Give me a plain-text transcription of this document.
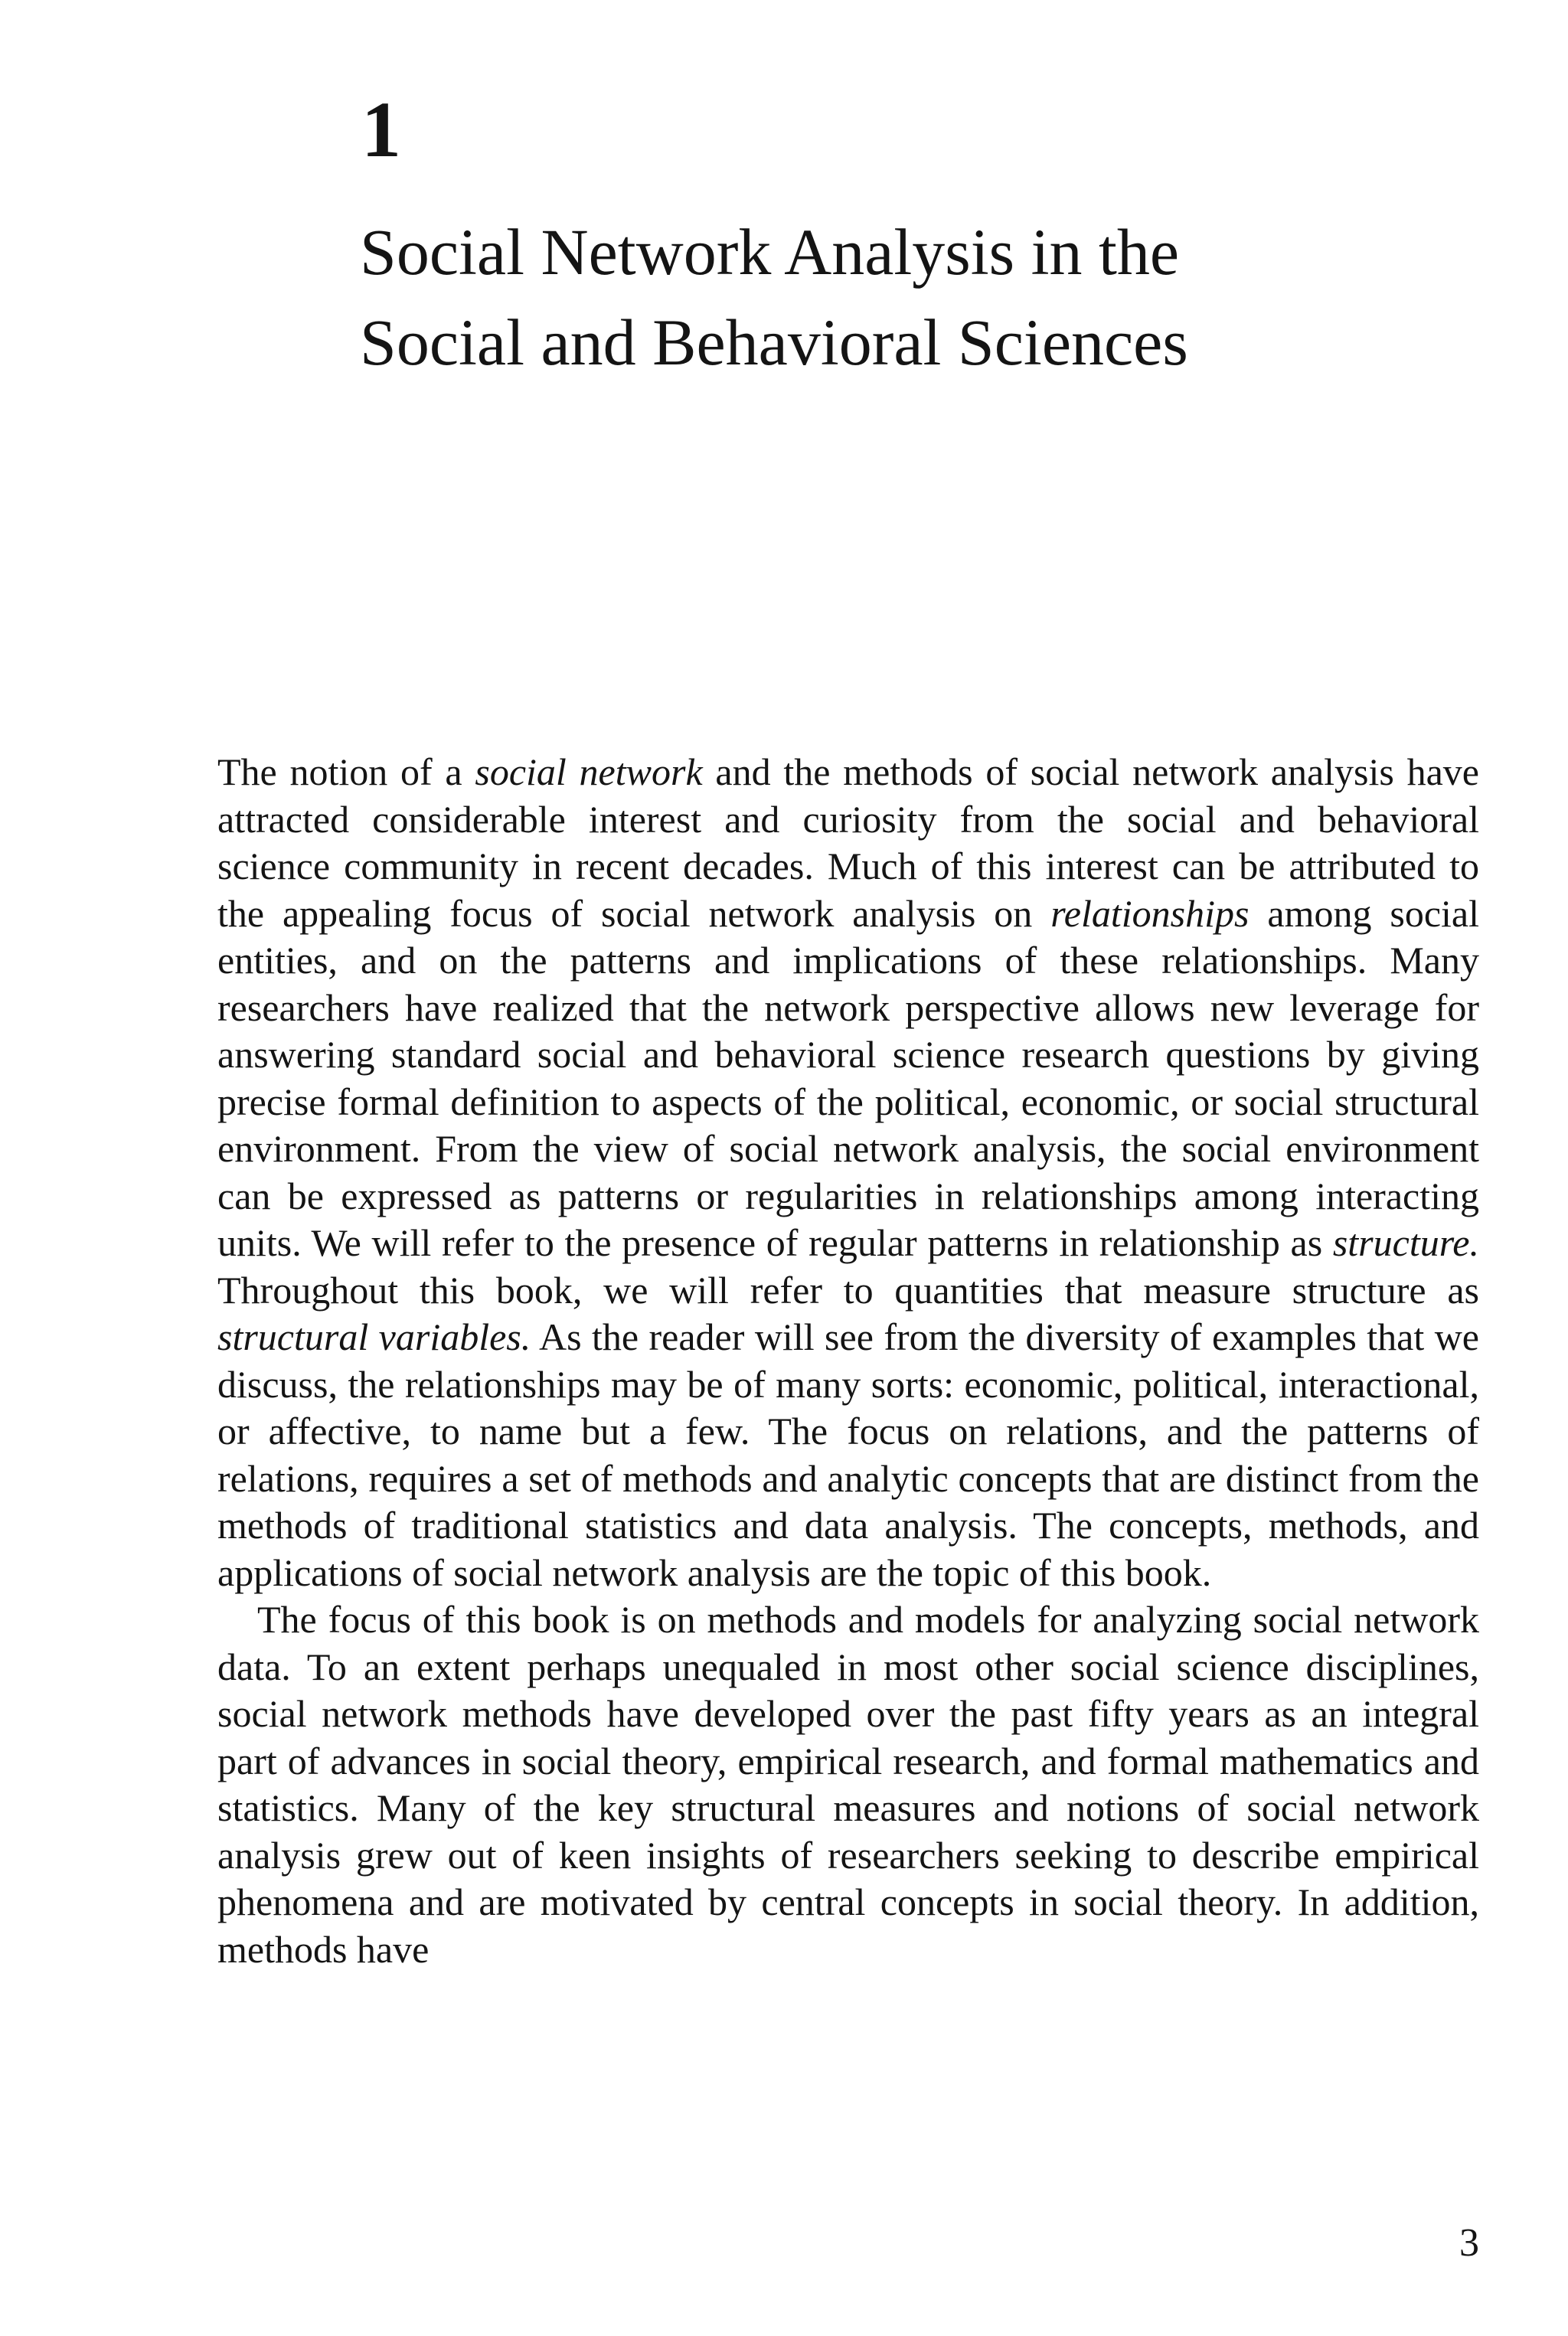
1
Social Network Analysis in the
Social and Behavioral Sciences

The notion of a social network and the methods of social network analysis have attracted considerable interest and curiosity from the social and behavioral science community in recent decades. Much of this interest can be attributed to the appealing focus of social network analysis on relationships among social entities, and on the patterns and implications of these relationships. Many researchers have realized that the network perspective allows new leverage for answering standard social and behavioral science research questions by giving precise formal definition to aspects of the political, economic, or social structural environment. From the view of social network analysis, the social environment can be expressed as patterns or regularities in relationships among interacting units. We will refer to the presence of regular patterns in relationship as structure. Throughout this book, we will refer to quantities that measure structure as structural variables. As the reader will see from the diversity of examples that we discuss, the relationships may be of many sorts: economic, political, interactional, or affective, to name but a few. The focus on relations, and the patterns of relations, requires a set of methods and analytic concepts that are distinct from the methods of traditional statistics and data analysis. The concepts, methods, and applications of social network analysis are the topic of this book.

The focus of this book is on methods and models for analyzing social network data. To an extent perhaps unequaled in most other social science disciplines, social network methods have developed over the past fifty years as an integral part of advances in social theory, empirical research, and formal mathematics and statistics. Many of the key structural measures and notions of social network analysis grew out of keen insights of researchers seeking to describe empirical phenomena and are motivated by central concepts in social theory. In addition, methods have

3
